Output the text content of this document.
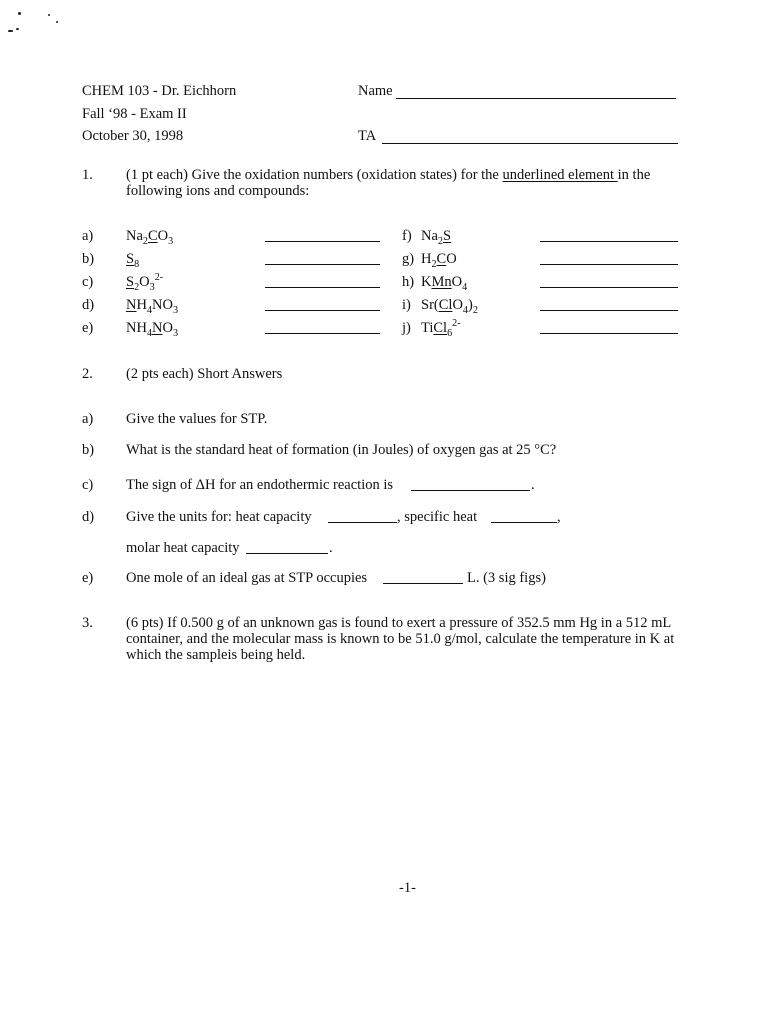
CHEM 103 - Dr. Eichhorn
Fall ‘98 - Exam II
October 30, 1998
Name
TA
1. (1 pt each) Give the oxidation numbers (oxidation states) for the underlined element in the following ions and compounds:
a) $Na_2CO_3$
b) $S_8$
c) $S_2O_3^{2-}$
d) $NH_4NO_3$
e) $NH_4NO_3$
f) $Na_2S$
g) $H_2CO$
h) KMnO$_4$
i) $Sr(ClO_4)_2$
j) TiCl$_6^{2-}$
2. (2 pts each) Short Answers
a) Give the values for STP.
b) What is the standard heat of formation (in Joules) of oxygen gas at 25 °C?
c) The sign of ΔH for an endothermic reaction is	.
d) Give the units for: heat capacity	, specific heat	,
molar heat capacity	.
e) One mole of an ideal gas at STP occupies	L. (3 sig figs)
3. (6 pts) If 0.500 g of an unknown gas is found to exert a pressure of 352.5 mm Hg in a 512 mL container, and the molecular mass is known to be 51.0 g/mol, calculate the temperature in K at which the sampleis being held.
-1-
